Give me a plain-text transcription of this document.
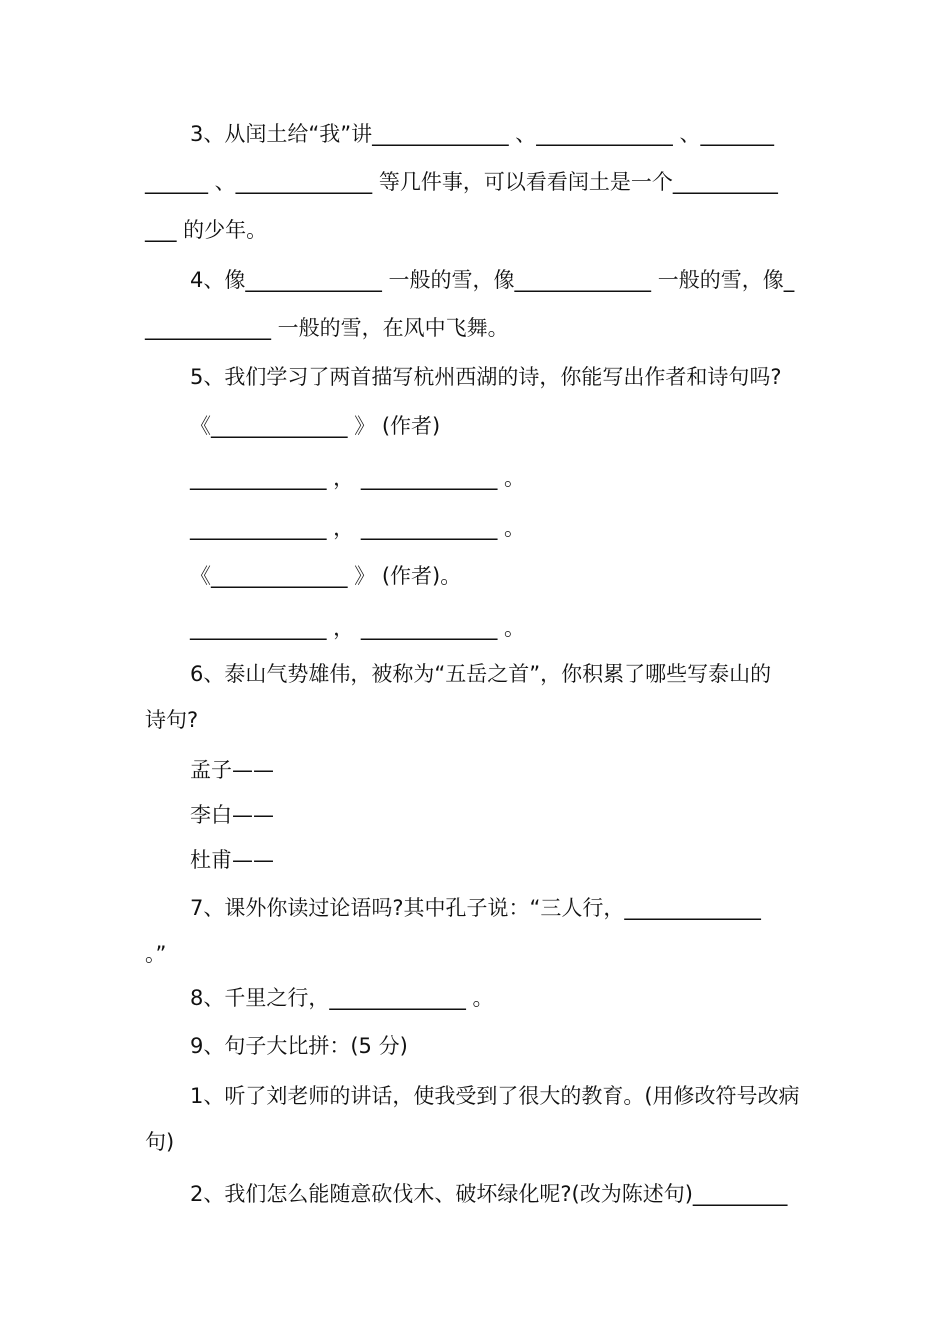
3、从闰土给“我”讲_____________ 、_____________ 、_______
______ 、_____________ 等几件事，可以看看闰土是一个__________
___ 的少年。
4、像_____________ 一般的雪，像_____________ 一般的雪，像_
____________ 一般的雪，在风中飞舞。
5、我们学习了两首描写杭州西湖的诗，你能写出作者和诗句吗?
《_____________ 》 (作者)
_____________ ， _____________ 。
_____________ ， _____________ 。
《_____________ 》 (作者)。
_____________ ， _____________ 。
6、泰山气势雄伟，被称为“五岳之首”，你积累了哪些写泰山的
诗句?
孟子——
李白——
杜甫——
7、课外你读过论语吗?其中孔子说：“三人行，_____________
。”
8、千里之行，_____________ 。
9、句子大比拼：(5 分)
1、听了刘老师的讲话，使我受到了很大的教育。(用修改符号改病
句)
2、我们怎么能随意砍伐木、破坏绿化呢?(改为陈述句)_________
